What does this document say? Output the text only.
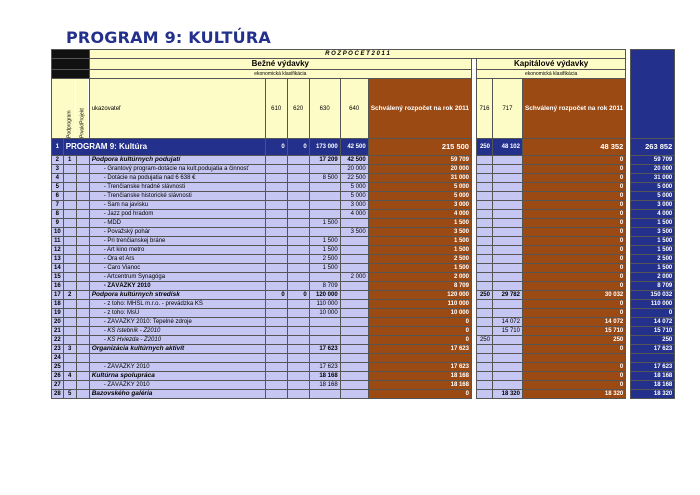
PROGRAM 9: KULTÚRA
			R O Z P O Č E T 2 0 1 1											
			Bežné výdavky							Kapitálové výdavky				
			ekonomická klasifikácia							ekonomická klasifikácia				
	Podprogram	Prvok/Projekt	ukazovateľ	610	620	630	640	Schválený rozpočet na rok 2011		716	717	Schválený rozpočet na rok 2011		
1	PROGRAM 9: Kultúra			0	0	173 000	42 500	215 500		250	48 102	48 352		263 852
2	1		Podpora kultúrnych podujatí			17 209	42 500	59 709				0		59 709
3			- Grantový program-dotácie na kult.podujatia a činnosť				20 000	20 000				0		20 000
4			- Dotácie na podujatia nad 6 638 €			8 500	22 500	31 000				0		31 000
5			- Trenčianske hradné slávnosti				5 000	5 000				0		5 000
6			- Trenčianske historické slávnosti				5 000	5 000				0		5 000
7			- Sam na javisku				3 000	3 000				0		3 000
8			- Jazz pod hradom				4 000	4 000				0		4 000
9			- MDD			1 500		1 500				0		1 500
10			- Považský pohár				3 500	3 500				0		3 500
11			- Pri trenčianskej bráne			1 500		1 500				0		1 500
12			- Art kino metro			1 500		1 500				0		1 500
13			- Ora et Ars			2 500		2 500				0		2 500
14			- Čaro Vianoc			1 500		1 500				0		1 500
15			- Artcentrum Synagóga				2 000	2 000				0		2 000
16			- ZÁVÄZKY 2010			8 709		8 709				0		8 709
17	2		Podpora kultúrnych stredísk	0	0	120 000		120 000		250	29 782	30 032		150 032
18			- z toho: MHSL m.r.o. - prevádzka KS			110 000		110 000				0		110 000
19			- z toho: MsÚ			10 000		10 000				0		0
20			- ZÁVÄZKY 2010: Tepelné zdroje					0			14 072	14 072		14 072
21			- KS Istebník - Z2010					0			15 710	15 710		15 710
22			- KS Hviezda - Z2010					0		250		250		250
23	3		Organizácia kultúrnych aktivít			17 623		17 623				0		17 623
24														
25			- ZÁVÄZKY 2010			17 623		17 623				0		17 623
26	4		Kultúrna spolupráca			18 168		18 168				0		18 168
27			- ZÁVÄZKY 2010			18 168		18 168				0		18 168
28	5		Bazovského galéria					0			18 320	18 320		18 320
